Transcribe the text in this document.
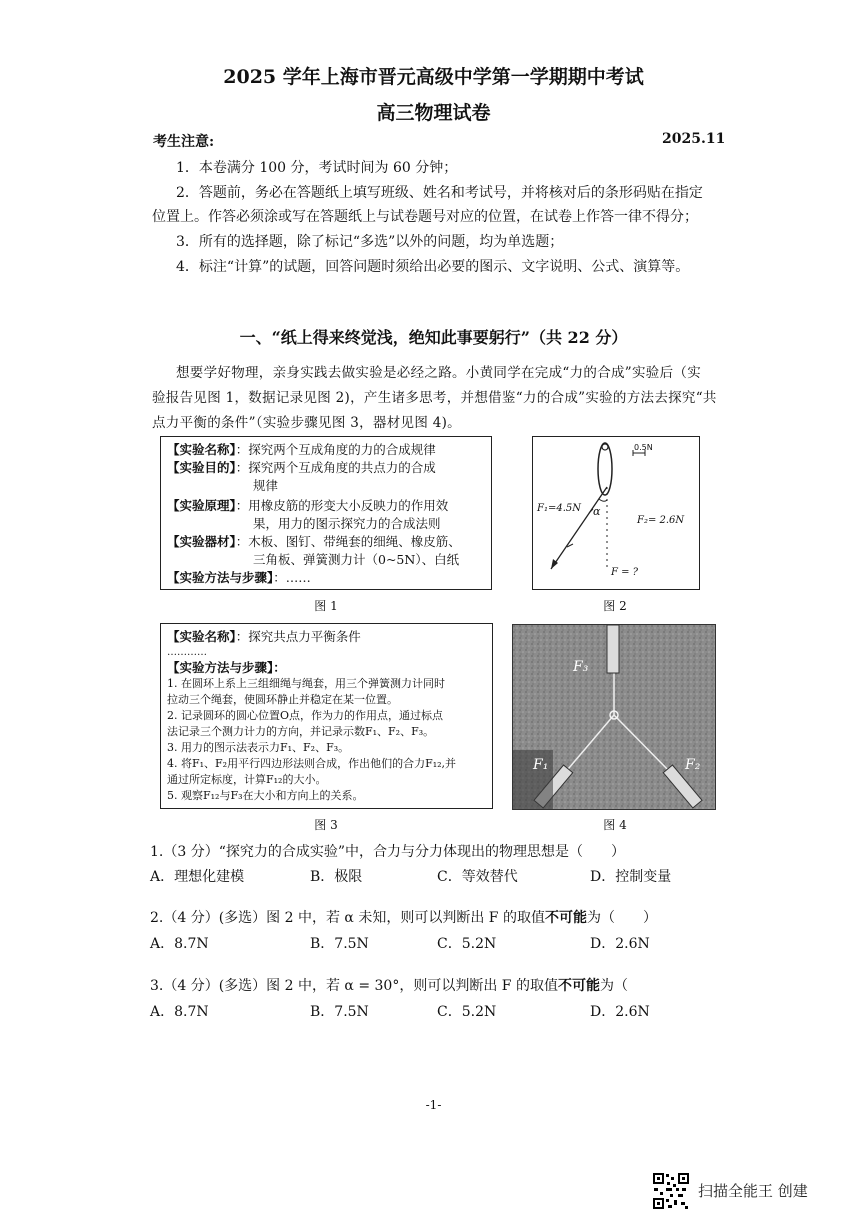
2025 学年上海市晋元高级中学第一学期期中考试
高三物理试卷
考生注意:	2025.11
1．本卷满分 100 分，考试时间为 60 分钟；
2．答题前，务必在答题纸上填写班级、姓名和考试号，并将核对后的条形码贴在指定
位置上。作答必须涂或写在答题纸上与试卷题号对应的位置，在试卷上作答一律不得分；
3．所有的选择题，除了标记“多选”以外的问题，均为单选题；
4．标注“计算”的试题，回答问题时须给出必要的图示、文字说明、公式、演算等。
一、“纸上得来终觉浅，绝知此事要躬行”（共 22 分）
想要学好物理，亲身实践去做实验是必经之路。小黄同学在完成“力的合成”实验后（实
验报告见图 1，数据记录见图 2)，产生诸多思考，并想借鉴“力的合成”实验的方法去探究“共
点力平衡的条件”（实验步骤见图 3，器材见图 4)。
【实验名称】：探究两个互成角度的力的合成规律
【实验目的】：探究两个互成角度的共点力的合成
规律
【实验原理】：用橡皮筋的形变大小反映力的作用效
果，用力的图示探究力的合成法则
【实验器材】：木板、图钉、带绳套的细绳、橡皮筋、
三角板、弹簧测力计（0~5N）、白纸
【实验方法与步骤】：……
图 1
0.5N
F₁=4.5N α
F₂= 2.6N
F = ?
图 2
【实验名称】：探究共点力平衡条件
…………
【实验方法与步骤】：
1. 在圆环上系上三组细绳与绳套，用三个弹簧测力计同时
拉动三个绳套，使圆环静止并稳定在某一位置。
2. 记录圆环的圆心位置O点，作为力的作用点，通过标点
法记录三个测力计力的方向，并记录示数F₁、F₂、F₃。
3. 用力的图示法表示力F₁、F₂、F₃。
4. 将F₁、F₂用平行四边形法则合成，作出他们的合力F₁₂,并
通过所定标度，计算F₁₂的大小。
5. 观察F₁₂与F₃在大小和方向上的关系。
图 3
F₃
F₁	F₂
图 4
1.（3 分）“探究力的合成实验”中，合力与分力体现出的物理思想是（　　）
A．理想化建模	B．极限	C．等效替代	D．控制变量
2.（4 分）(多选）图 2 中，若 α 未知，则可以判断出 F 的取值不可能为（　　）
A．8.7N	B．7.5N	C．5.2N	D．2.6N
3.（4 分）(多选）图 2 中，若 α = 30°，则可以判断出 F 的取值不可能为（
A．8.7N	B．7.5N	C．5.2N	D．2.6N
-1-
扫描全能王 创建
